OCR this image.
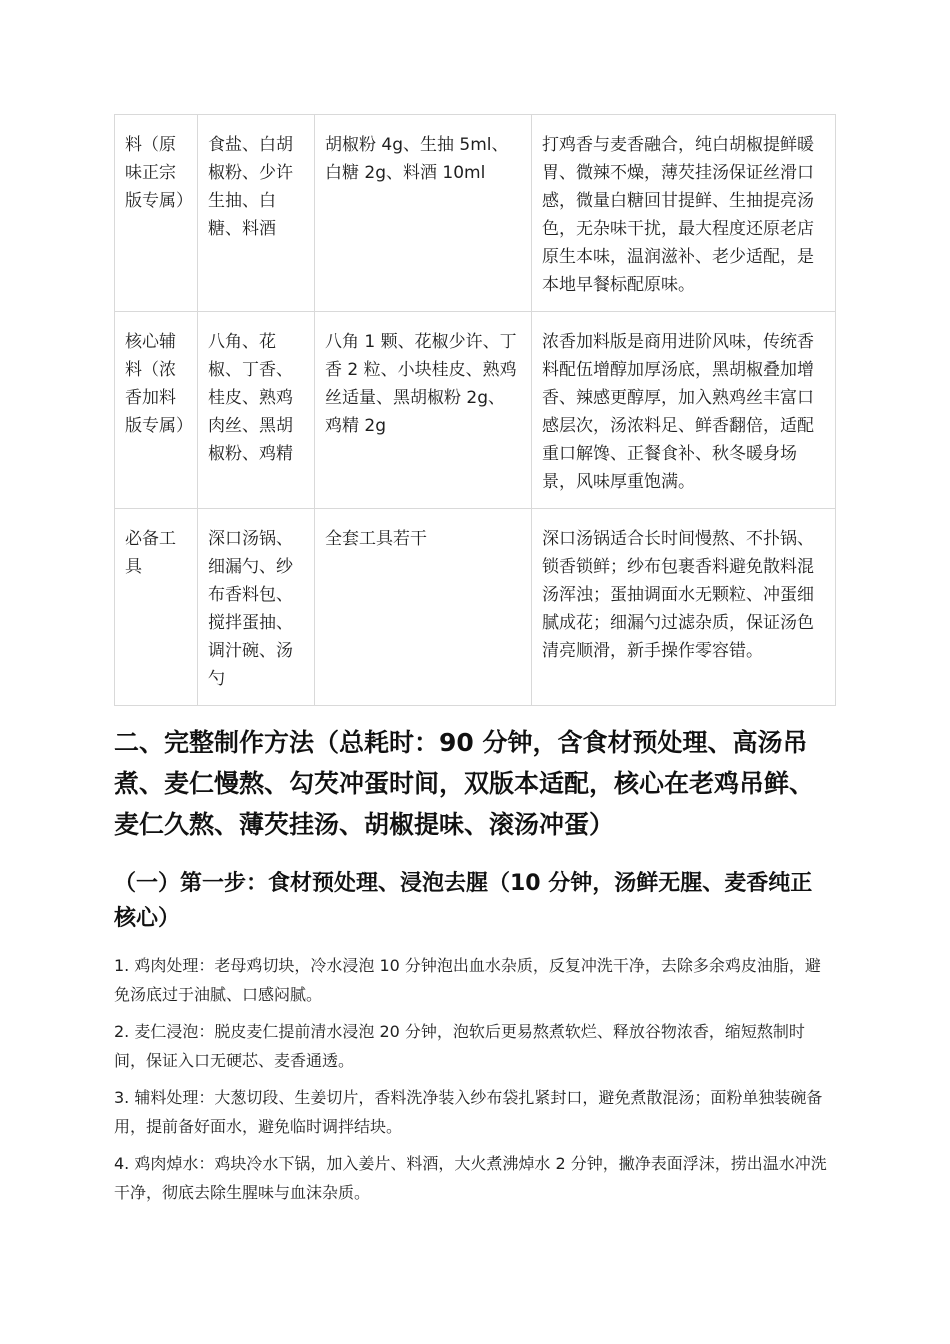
料（原味正宗版专属）	食盐、白胡椒粉、少许生抽、白糖、料酒	胡椒粉 4g、生抽 5ml、白糖 2g、料酒 10ml	打鸡香与麦香融合，纯白胡椒提鲜暖胃、微辣不燥，薄芡挂汤保证丝滑口感，微量白糖回甘提鲜、生抽提亮汤色，无杂味干扰，最大程度还原老店原生本味，温润滋补、老少适配，是本地早餐标配原味。
核心辅料（浓香加料版专属）	八角、花椒、丁香、桂皮、熟鸡肉丝、黑胡椒粉、鸡精	八角 1 颗、花椒少许、丁香 2 粒、小块桂皮、熟鸡丝适量、黑胡椒粉 2g、鸡精 2g	浓香加料版是商用进阶风味，传统香料配伍增醇加厚汤底，黑胡椒叠加增香、辣感更醇厚，加入熟鸡丝丰富口感层次，汤浓料足、鲜香翻倍，适配重口解馋、正餐食补、秋冬暖身场景，风味厚重饱满。
必备工具	深口汤锅、细漏勺、纱布香料包、搅拌蛋抽、调汁碗、汤勺	全套工具若干	深口汤锅适合长时间慢熬、不扑锅、锁香锁鲜；纱布包裹香料避免散料混汤浑浊；蛋抽调面水无颗粒、冲蛋细腻成花；细漏勺过滤杂质，保证汤色清亮顺滑，新手操作零容错。
二、完整制作方法（总耗时：90 分钟，含食材预处理、高汤吊煮、麦仁慢熬、勾芡冲蛋时间，双版本适配，核心在老鸡吊鲜、麦仁久熬、薄芡挂汤、胡椒提味、滚汤冲蛋）
（一）第一步：食材预处理、浸泡去腥（10 分钟，汤鲜无腥、麦香纯正核心）

1. 鸡肉处理：老母鸡切块，冷水浸泡 10 分钟泡出血水杂质，反复冲洗干净，去除多余鸡皮油脂，避免汤底过于油腻、口感闷腻。

2. 麦仁浸泡：脱皮麦仁提前清水浸泡 20 分钟，泡软后更易熬煮软烂、释放谷物浓香，缩短熬制时间，保证入口无硬芯、麦香通透。

3. 辅料处理：大葱切段、生姜切片，香料洗净装入纱布袋扎紧封口，避免煮散混汤；面粉单独装碗备用，提前备好面水，避免临时调拌结块。

4. 鸡肉焯水：鸡块冷水下锅，加入姜片、料酒，大火煮沸焯水 2 分钟，撇净表面浮沫，捞出温水冲洗干净，彻底去除生腥味与血沫杂质。
